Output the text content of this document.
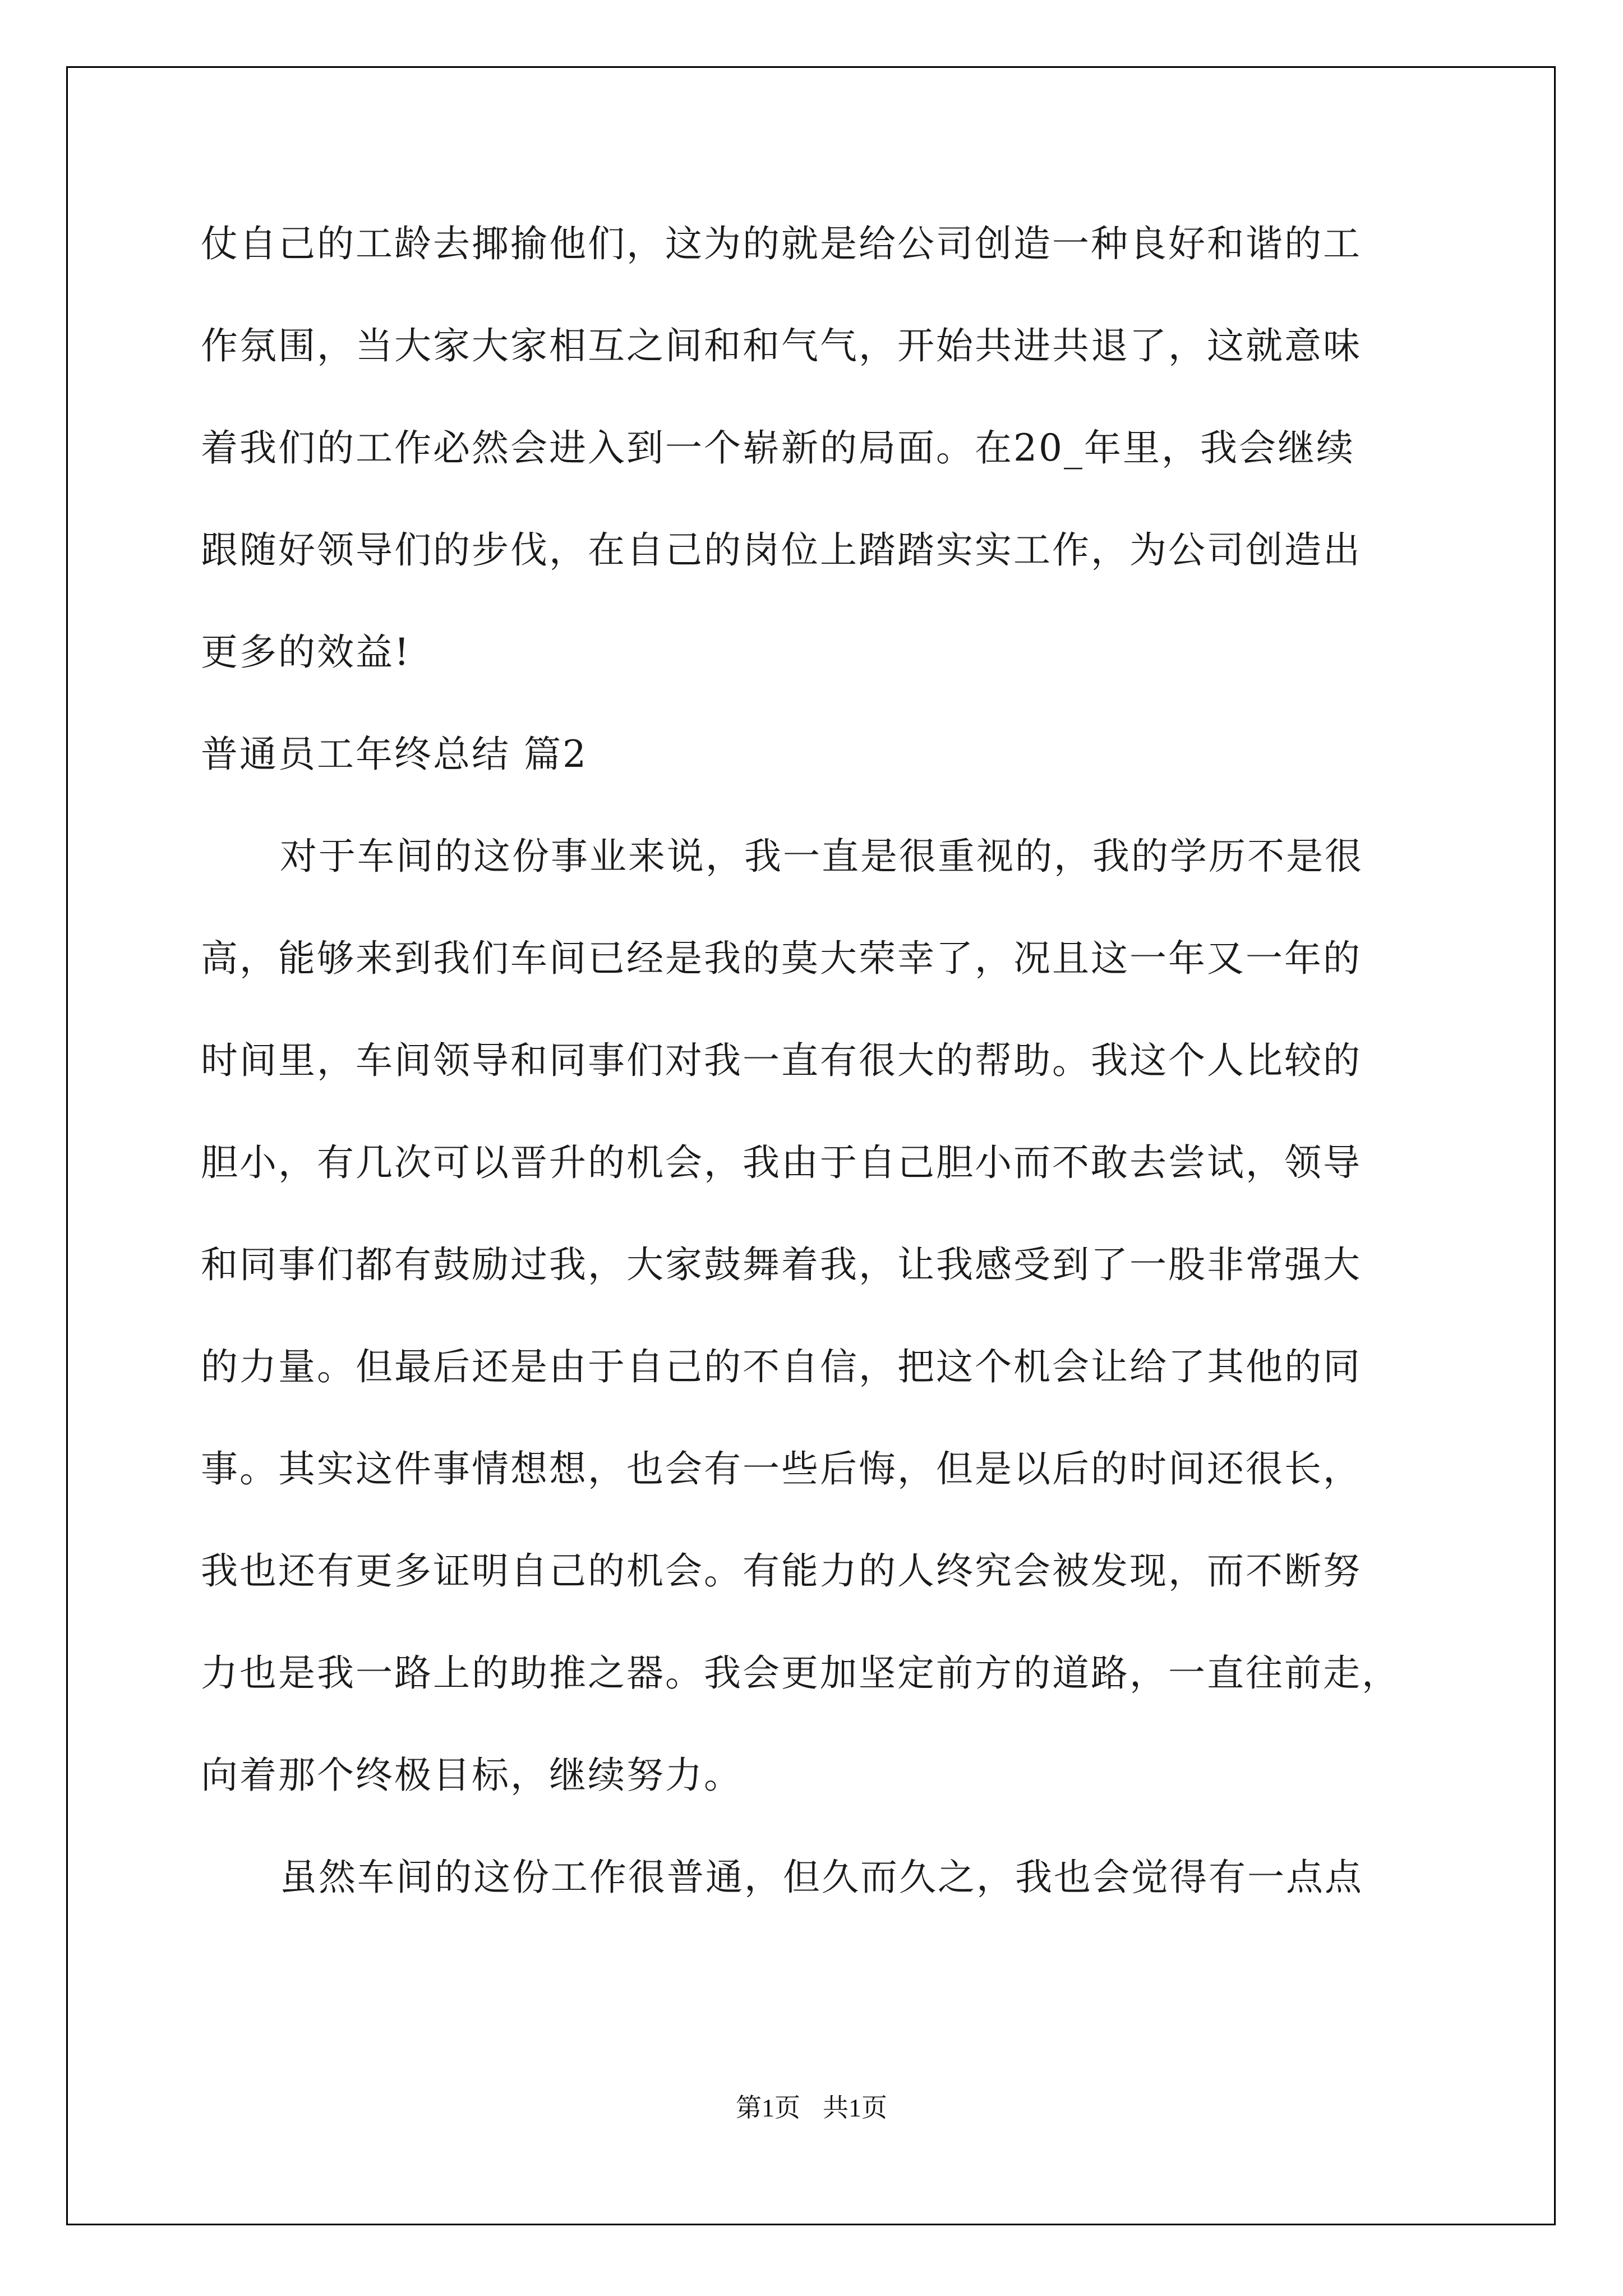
仗自己的工龄去揶揄他们，这为的就是给公司创造一种良好和谐的工
作氛围，当大家大家相互之间和和气气，开始共进共退了，这就意味
着我们的工作必然会进入到一个崭新的局面。在20_年里，我会继续
跟随好领导们的步伐，在自己的岗位上踏踏实实工作，为公司创造出
更多的效益!
普通员工年终总结 篇2
对于车间的这份事业来说，我一直是很重视的，我的学历不是很
高，能够来到我们车间已经是我的莫大荣幸了，况且这一年又一年的
时间里，车间领导和同事们对我一直有很大的帮助。我这个人比较的
胆小，有几次可以晋升的机会，我由于自己胆小而不敢去尝试，领导
和同事们都有鼓励过我，大家鼓舞着我，让我感受到了一股非常强大
的力量。但最后还是由于自己的不自信，把这个机会让给了其他的同
事。其实这件事情想想，也会有一些后悔，但是以后的时间还很长，
我也还有更多证明自己的机会。有能力的人终究会被发现，而不断努
力也是我一路上的助推之器。我会更加坚定前方的道路，一直往前走，
向着那个终极目标，继续努力。
虽然车间的这份工作很普通，但久而久之，我也会觉得有一点点
第1页 共1页
